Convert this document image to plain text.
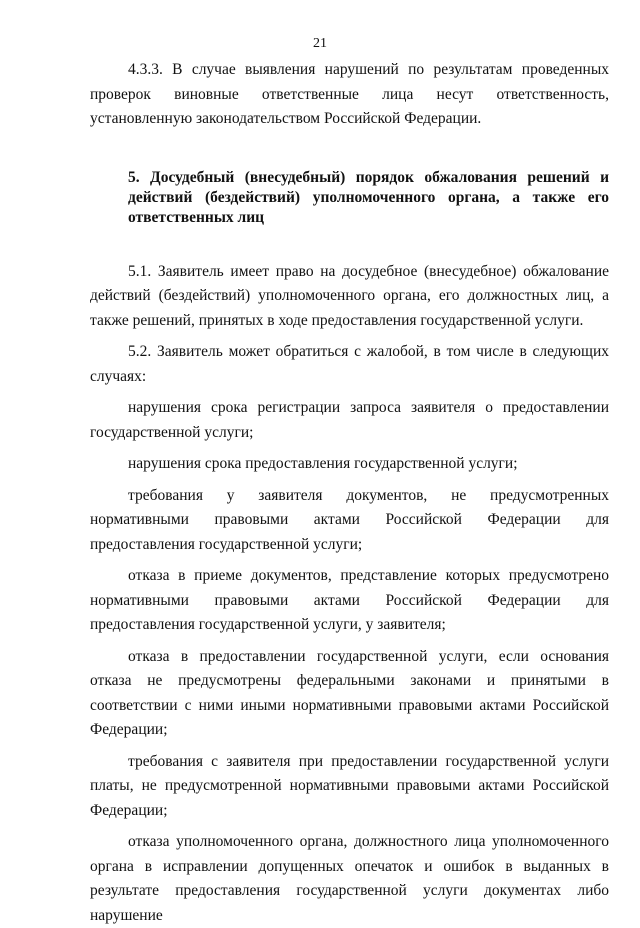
21

4.3.3. В случае выявления нарушений по результатам проведенных проверок виновные ответственные лица несут ответственность, установленную законодательством Российской Федерации.

5. Досудебный (внесудебный) порядок обжалования решений и действий (бездействий) уполномоченного органа, а также его ответственных лиц

5.1. Заявитель имеет право на досудебное (внесудебное) обжалование действий (бездействий) уполномоченного органа, его должностных лиц, а также решений, принятых в ходе предоставления государственной услуги.

5.2. Заявитель может обратиться с жалобой, в том числе в следующих случаях:

нарушения срока регистрации запроса заявителя о предоставлении государственной услуги;

нарушения срока предоставления государственной услуги;

требования у заявителя документов, не предусмотренных нормативными правовыми актами Российской Федерации для предоставления государственной услуги;

отказа в приеме документов, представление которых предусмотрено нормативными правовыми актами Российской Федерации для предоставления государственной услуги, у заявителя;

отказа в предоставлении государственной услуги, если основания отказа не предусмотрены федеральными законами и принятыми в соответствии с ними иными нормативными правовыми актами Российской Федерации;

требования с заявителя при предоставлении государственной услуги платы, не предусмотренной нормативными правовыми актами Российской Федерации;

отказа уполномоченного органа, должностного лица уполномоченного органа в исправлении допущенных опечаток и ошибок в выданных в результате предоставления государственной услуги документах либо нарушение
